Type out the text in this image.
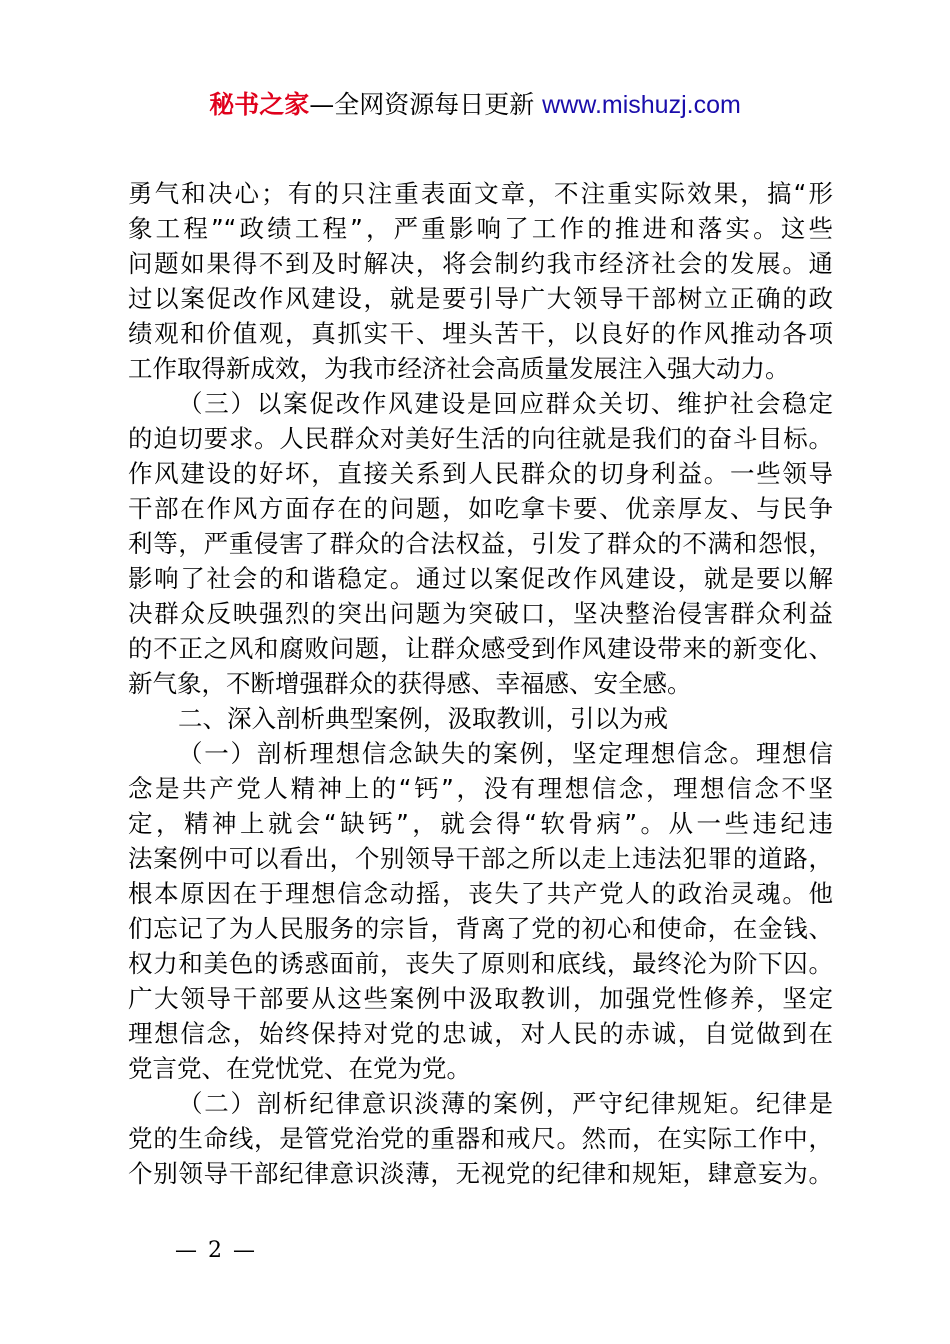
秘书之家—全网资源每日更新 www.mishuzj.com
勇气和决心；有的只注重表面文章，不注重实际效果，搞“形
象工程”“政绩工程”，严重影响了工作的推进和落实。这些
问题如果得不到及时解决，将会制约我市经济社会的发展。通
过以案促改作风建设，就是要引导广大领导干部树立正确的政
绩观和价值观，真抓实干、埋头苦干，以良好的作风推动各项
工作取得新成效，为我市经济社会高质量发展注入强大动力。
（三）以案促改作风建设是回应群众关切、维护社会稳定
的迫切要求。人民群众对美好生活的向往就是我们的奋斗目标。
作风建设的好坏，直接关系到人民群众的切身利益。一些领导
干部在作风方面存在的问题，如吃拿卡要、优亲厚友、与民争
利等，严重侵害了群众的合法权益，引发了群众的不满和怨恨，
影响了社会的和谐稳定。通过以案促改作风建设，就是要以解
决群众反映强烈的突出问题为突破口，坚决整治侵害群众利益
的不正之风和腐败问题，让群众感受到作风建设带来的新变化、
新气象，不断增强群众的获得感、幸福感、安全感。
二、深入剖析典型案例，汲取教训，引以为戒
（一）剖析理想信念缺失的案例，坚定理想信念。理想信
念是共产党人精神上的“钙”，没有理想信念，理想信念不坚
定，精神上就会“缺钙”，就会得“软骨病”。从一些违纪违
法案例中可以看出，个别领导干部之所以走上违法犯罪的道路，
根本原因在于理想信念动摇，丧失了共产党人的政治灵魂。他
们忘记了为人民服务的宗旨，背离了党的初心和使命，在金钱、
权力和美色的诱惑面前，丧失了原则和底线，最终沦为阶下囚。
广大领导干部要从这些案例中汲取教训，加强党性修养，坚定
理想信念，始终保持对党的忠诚，对人民的赤诚，自觉做到在
党言党、在党忧党、在党为党。
（二）剖析纪律意识淡薄的案例，严守纪律规矩。纪律是
党的生命线，是管党治党的重器和戒尺。然而，在实际工作中，
个别领导干部纪律意识淡薄，无视党的纪律和规矩，肆意妄为。
— 2 —
